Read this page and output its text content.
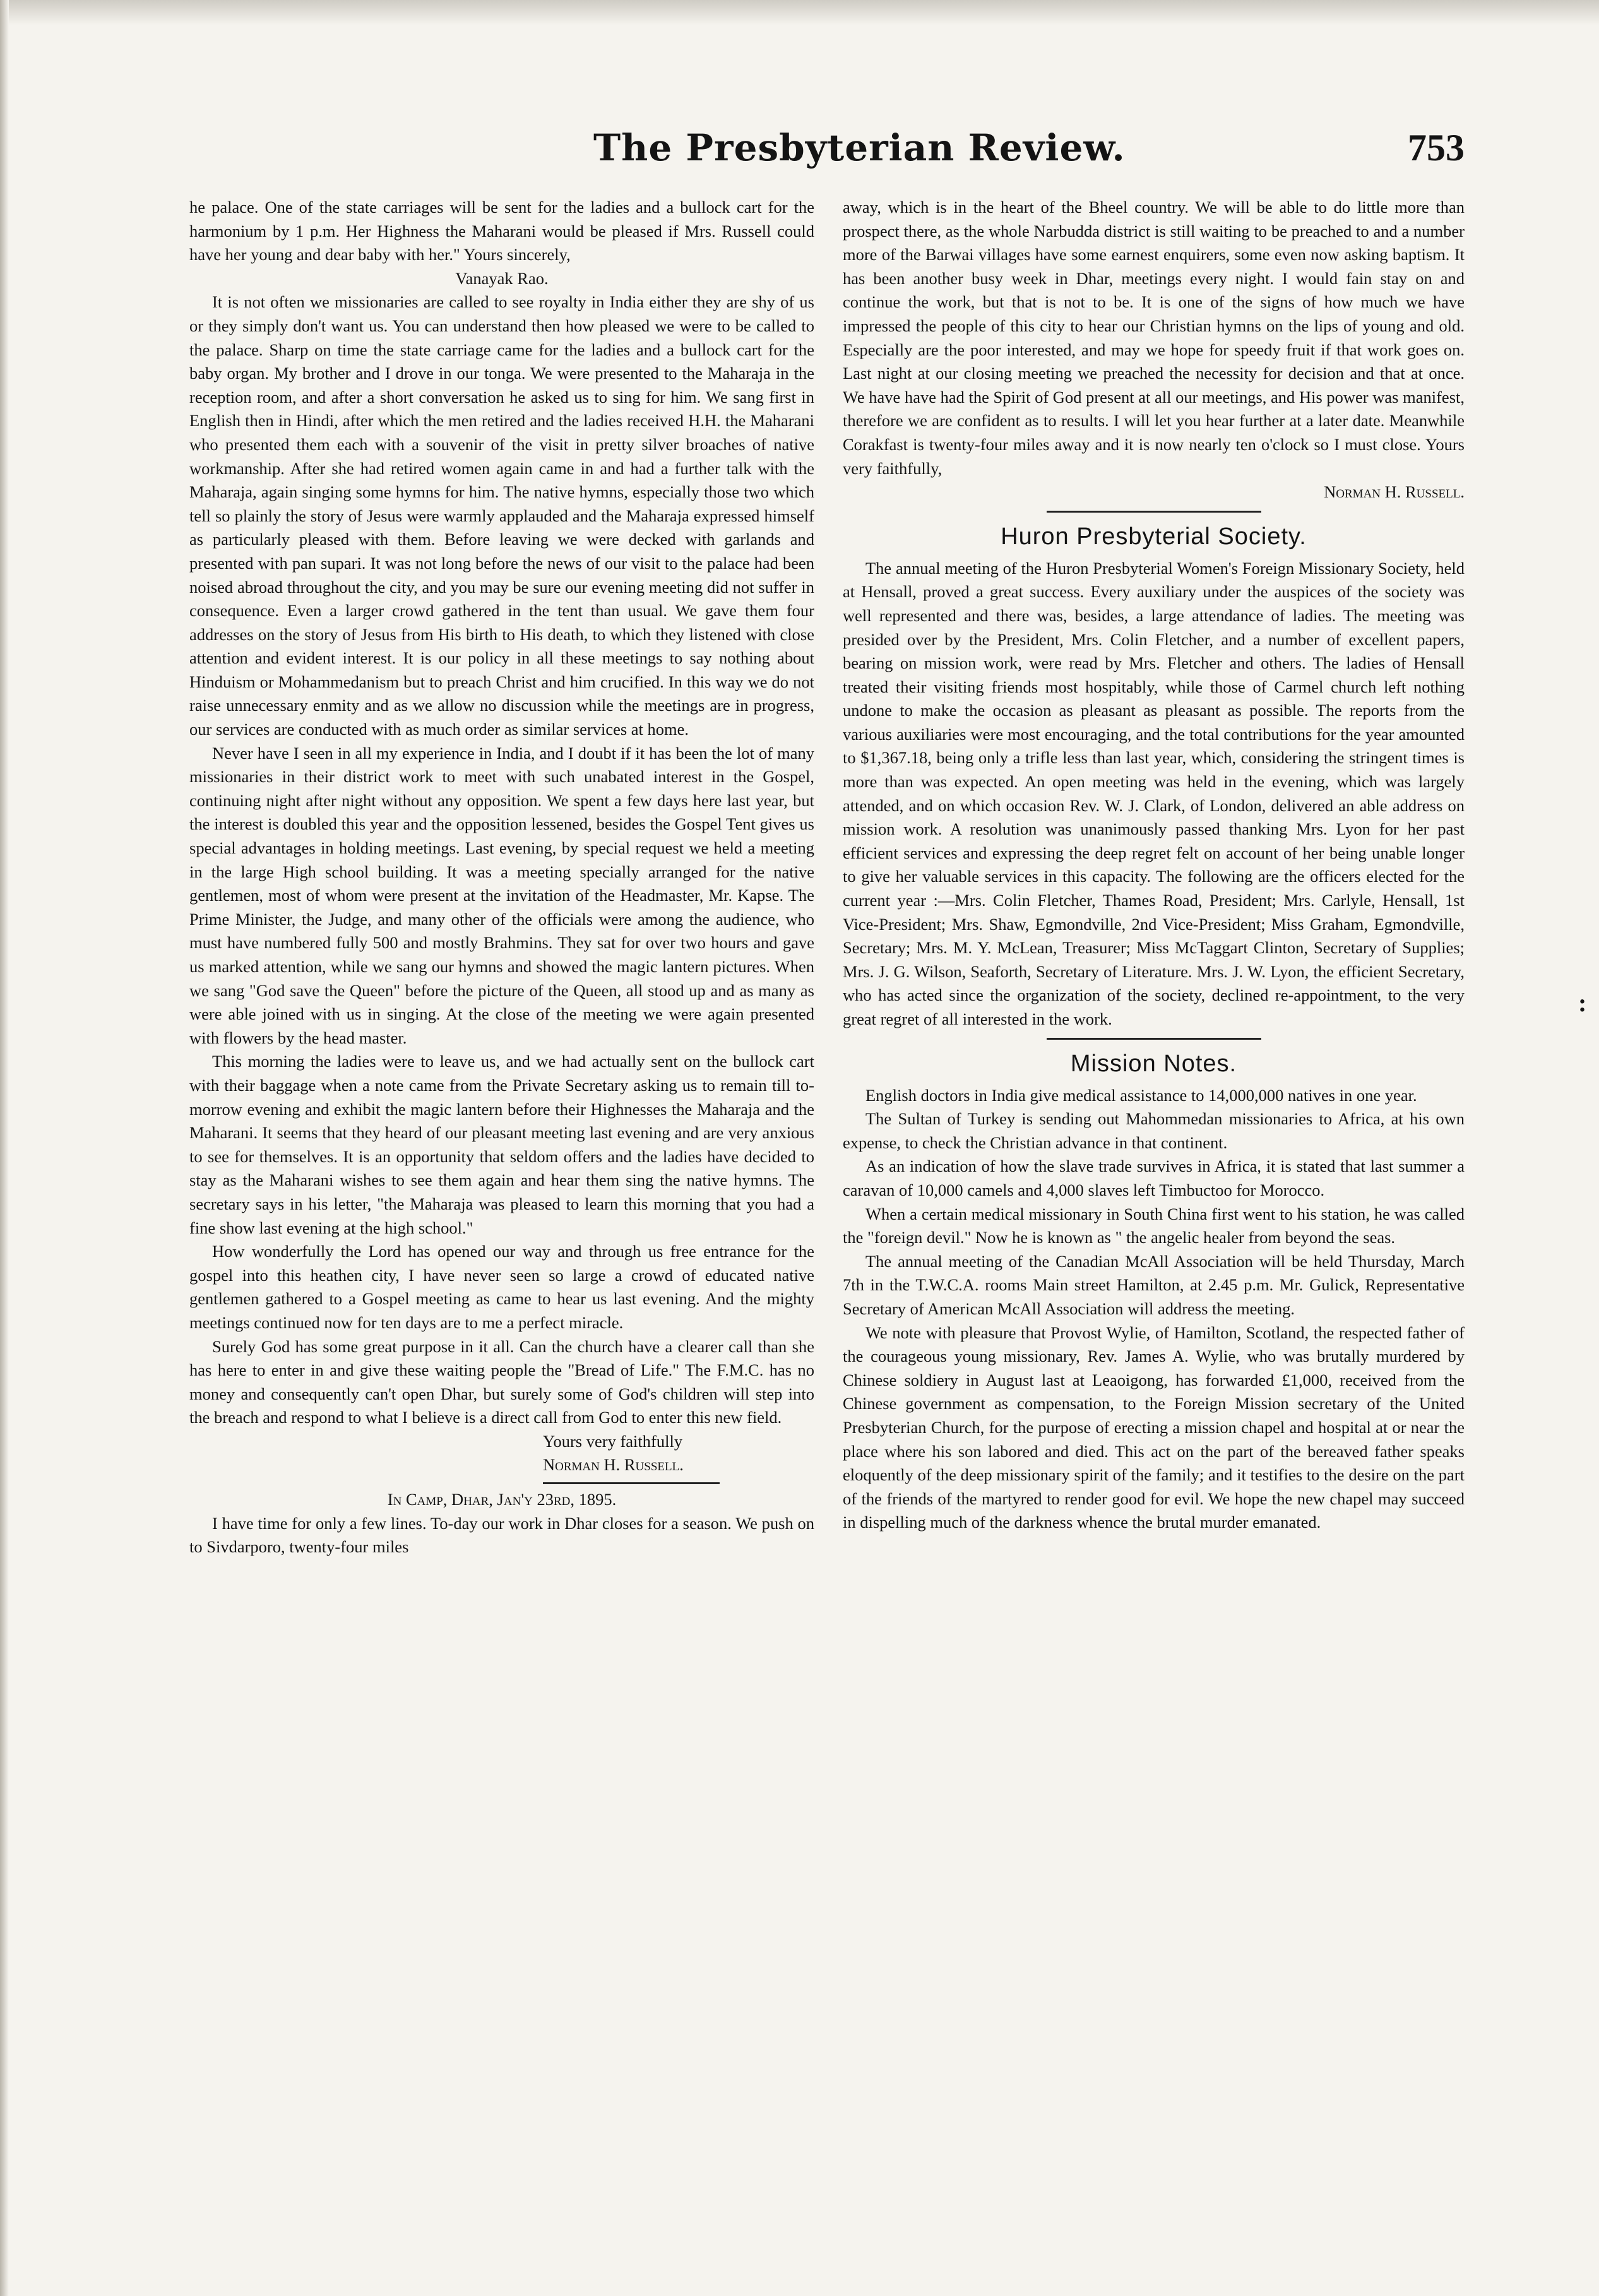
The Presbyterian Review.	753

he palace. One of the state carriages will be sent for the ladies and a bullock cart for the harmonium by 1 p.m. Her Highness the Maharani would be pleased if Mrs. Russell could have her young and dear baby with her." Yours sincerely,

Vanayak Rao.

It is not often we missionaries are called to see royalty in India either they are shy of us or they simply don't want us. You can understand then how pleased we were to be called to the palace. Sharp on time the state carriage came for the ladies and a bullock cart for the baby organ. My brother and I drove in our tonga. We were presented to the Maharaja in the reception room, and after a short conversation he asked us to sing for him. We sang first in English then in Hindi, after which the men retired and the ladies received H.H. the Maharani who presented them each with a souvenir of the visit in pretty silver broaches of native workmanship. After she had retired women again came in and had a further talk with the Maharaja, again singing some hymns for him. The native hymns, especially those two which tell so plainly the story of Jesus were warmly applauded and the Maharaja expressed himself as particularly pleased with them. Before leaving we were decked with garlands and presented with pan supari. It was not long before the news of our visit to the palace had been noised abroad throughout the city, and you may be sure our evening meeting did not suffer in consequence. Even a larger crowd gathered in the tent than usual. We gave them four addresses on the story of Jesus from His birth to His death, to which they listened with close attention and evident interest. It is our policy in all these meetings to say nothing about Hinduism or Mohammedanism but to preach Christ and him crucified. In this way we do not raise unnecessary enmity and as we allow no discussion while the meetings are in progress, our services are conducted with as much order as similar services at home.

Never have I seen in all my experience in India, and I doubt if it has been the lot of many missionaries in their district work to meet with such unabated interest in the Gospel, continuing night after night without any opposition. We spent a few days here last year, but the interest is doubled this year and the opposition lessened, besides the Gospel Tent gives us special advantages in holding meetings. Last evening, by special request we held a meeting in the large High school building. It was a meeting specially arranged for the native gentlemen, most of whom were present at the invitation of the Headmaster, Mr. Kapse. The Prime Minister, the Judge, and many other of the officials were among the audience, who must have numbered fully 500 and mostly Brahmins. They sat for over two hours and gave us marked attention, while we sang our hymns and showed the magic lantern pictures. When we sang "God save the Queen" before the picture of the Queen, all stood up and as many as were able joined with us in singing. At the close of the meeting we were again presented with flowers by the head master.

This morning the ladies were to leave us, and we had actually sent on the bullock cart with their baggage when a note came from the Private Secretary asking us to remain till to-morrow evening and exhibit the magic lantern before their Highnesses the Maharaja and the Maharani. It seems that they heard of our pleasant meeting last evening and are very anxious to see for themselves. It is an opportunity that seldom offers and the ladies have decided to stay as the Maharani wishes to see them again and hear them sing the native hymns. The secretary says in his letter, "the Maharaja was pleased to learn this morning that you had a fine show last evening at the high school."

How wonderfully the Lord has opened our way and through us free entrance for the gospel into this heathen city, I have never seen so large a crowd of educated native gentlemen gathered to a Gospel meeting as came to hear us last evening. And the mighty meetings continued now for ten days are to me a perfect miracle.

Surely God has some great purpose in it all. Can the church have a clearer call than she has here to enter in and give these waiting people the "Bread of Life." The F.M.C. has no money and consequently can't open Dhar, but surely some of God's children will step into the breach and respond to what I believe is a direct call from God to enter this new field.

Yours very faithfully
Norman H. Russell.

In Camp, Dhar, Jan'y 23rd, 1895.

I have time for only a few lines. To-day our work in Dhar closes for a season. We push on to Sivdarporo, twenty-four miles

away, which is in the heart of the Bheel country. We will be able to do little more than prospect there, as the whole Narbudda district is still waiting to be preached to and a number more of the Barwai villages have some earnest enquirers, some even now asking baptism. It has been another busy week in Dhar, meetings every night. I would fain stay on and continue the work, but that is not to be. It is one of the signs of how much we have impressed the people of this city to hear our Christian hymns on the lips of young and old. Especially are the poor interested, and may we hope for speedy fruit if that work goes on. Last night at our closing meeting we preached the necessity for decision and that at once. We have have had the Spirit of God present at all our meetings, and His power was manifest, therefore we are confident as to results. I will let you hear further at a later date. Meanwhile Corakfast is twenty-four miles away and it is now nearly ten o'clock so I must close. Yours very faithfully,

Norman H. Russell.

Huron Presbyterial Society.

The annual meeting of the Huron Presbyterial Women's Foreign Missionary Society, held at Hensall, proved a great success. Every auxiliary under the auspices of the society was well represented and there was, besides, a large attendance of ladies. The meeting was presided over by the President, Mrs. Colin Fletcher, and a number of excellent papers, bearing on mission work, were read by Mrs. Fletcher and others. The ladies of Hensall treated their visiting friends most hospitably, while those of Carmel church left nothing undone to make the occasion as pleasant as pleasant as possible. The reports from the various auxiliaries were most encouraging, and the total contributions for the year amounted to $1,367.18, being only a trifle less than last year, which, considering the stringent times is more than was expected. An open meeting was held in the evening, which was largely attended, and on which occasion Rev. W. J. Clark, of London, delivered an able address on mission work. A resolution was unanimously passed thanking Mrs. Lyon for her past efficient services and expressing the deep regret felt on account of her being unable longer to give her valuable services in this capacity. The following are the officers elected for the current year :—Mrs. Colin Fletcher, Thames Road, President; Mrs. Carlyle, Hensall, 1st Vice-President; Mrs. Shaw, Egmondville, 2nd Vice-President; Miss Graham, Egmondville, Secretary; Mrs. M. Y. McLean, Treasurer; Miss McTaggart Clinton, Secretary of Supplies; Mrs. J. G. Wilson, Seaforth, Secretary of Literature. Mrs. J. W. Lyon, the efficient Secretary, who has acted since the organization of the society, declined re-appointment, to the very great regret of all interested in the work.

Mission Notes.

English doctors in India give medical assistance to 14,000,000 natives in one year.

The Sultan of Turkey is sending out Mahommedan missionaries to Africa, at his own expense, to check the Christian advance in that continent.

As an indication of how the slave trade survives in Africa, it is stated that last summer a caravan of 10,000 camels and 4,000 slaves left Timbuctoo for Morocco.

When a certain medical missionary in South China first went to his station, he was called the "foreign devil." Now he is known as " the angelic healer from beyond the seas.

The annual meeting of the Canadian McAll Association will be held Thursday, March 7th in the T.W.C.A. rooms Main street Hamilton, at 2.45 p.m. Mr. Gulick, Representative Secretary of American McAll Association will address the meeting.

We note with pleasure that Provost Wylie, of Hamilton, Scotland, the respected father of the courageous young missionary, Rev. James A. Wylie, who was brutally murdered by Chinese soldiery in August last at Leaoigong, has forwarded £1,000, received from the Chinese government as compensation, to the Foreign Mission secretary of the United Presbyterian Church, for the purpose of erecting a mission chapel and hospital at or near the place where his son labored and died. This act on the part of the bereaved father speaks eloquently of the deep missionary spirit of the family; and it testifies to the desire on the part of the friends of the martyred to render good for evil. We hope the new chapel may succeed in dispelling much of the darkness whence the brutal murder emanated.

:
